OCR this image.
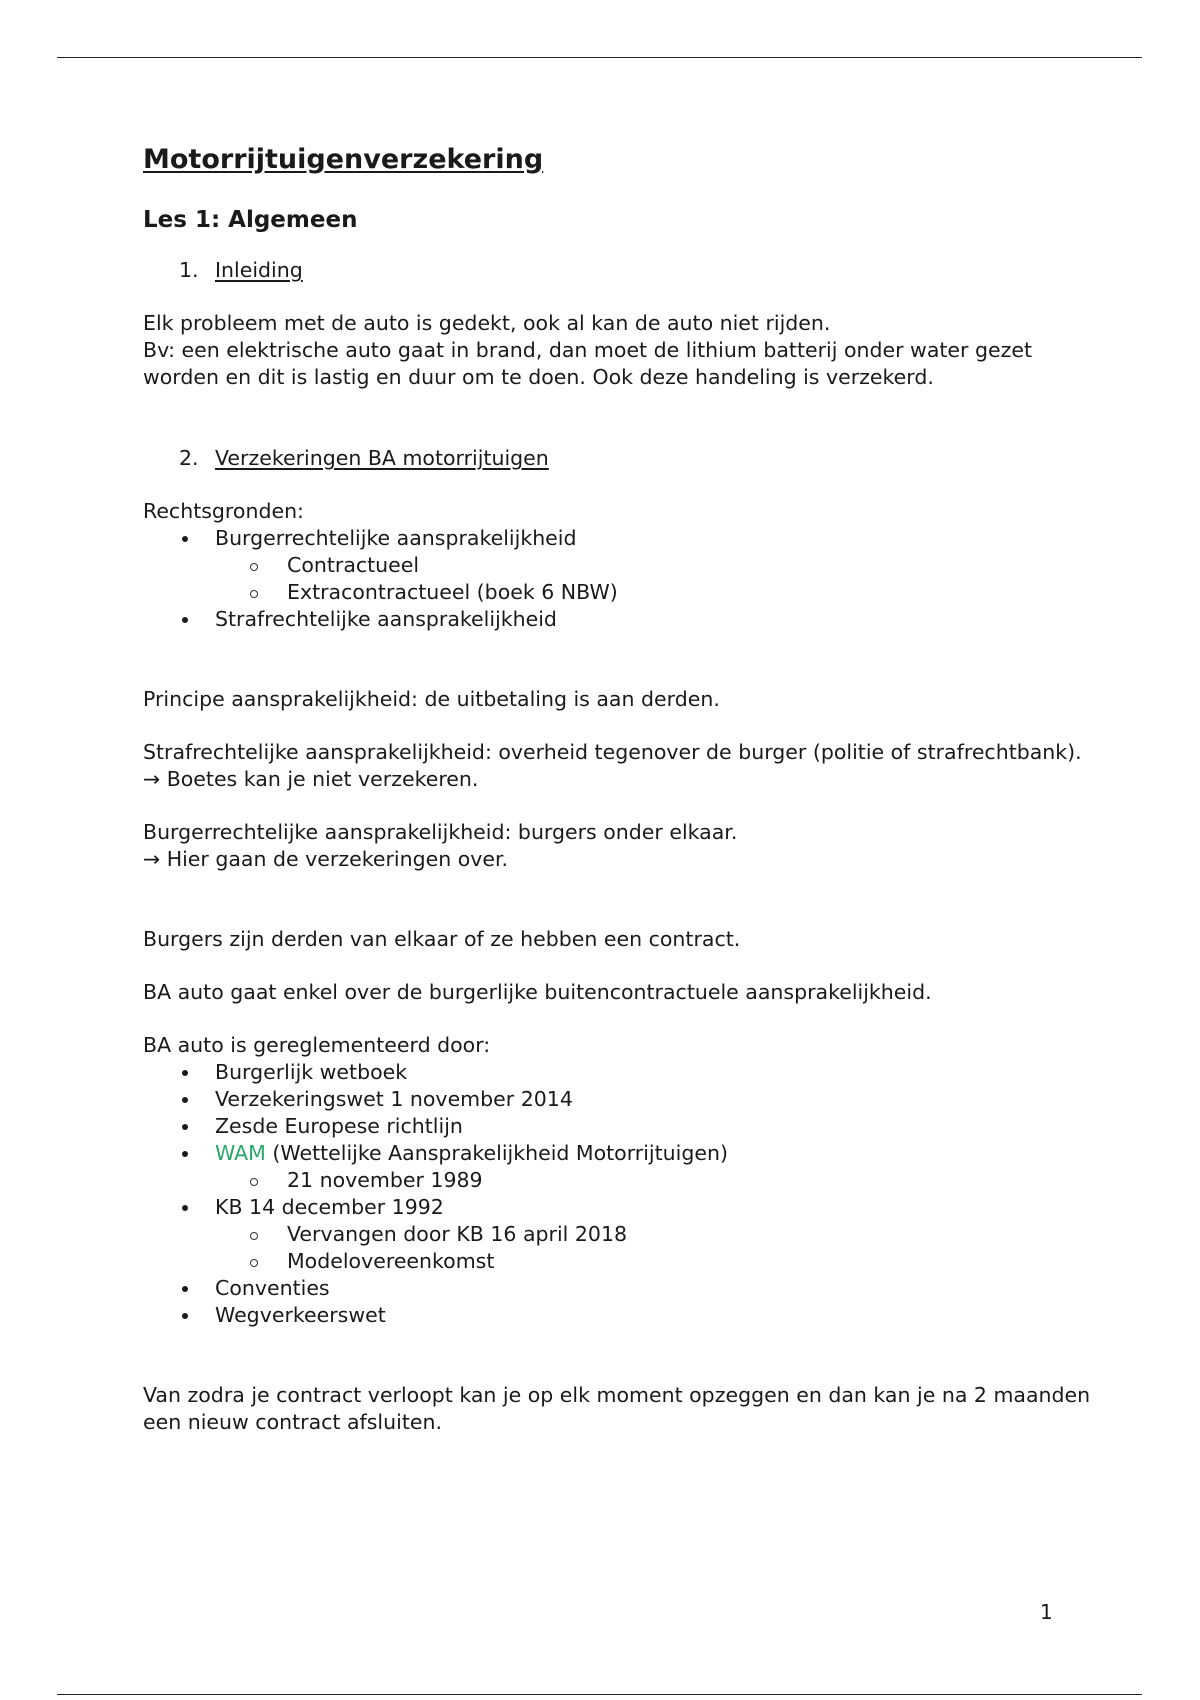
Motorrijtuigenverzekering
Les 1: Algemeen
1. Inleiding

Elk probleem met de auto is gedekt, ook al kan de auto niet rijden.

Bv: een elektrische auto gaat in brand, dan moet de lithium batterij onder water gezet worden en dit is lastig en duur om te doen. Ook deze handeling is verzekerd.

2. Verzekeringen BA motorrijtuigen

Rechtsgronden:

Burgerrechtelijke aansprakelijkheid
Contractueel
Extracontractueel (boek 6 NBW)
Strafrechtelijke aansprakelijkheid

Principe aansprakelijkheid: de uitbetaling is aan derden.

Strafrechtelijke aansprakelijkheid: overheid tegenover de burger (politie of strafrechtbank).

→ Boetes kan je niet verzekeren.

Burgerrechtelijke aansprakelijkheid: burgers onder elkaar.

→ Hier gaan de verzekeringen over.

Burgers zijn derden van elkaar of ze hebben een contract.

BA auto gaat enkel over de burgerlijke buitencontractuele aansprakelijkheid.

BA auto is gereglementeerd door:

Burgerlijk wetboek
Verzekeringswet 1 november 2014
Zesde Europese richtlijn
WAM (Wettelijke Aansprakelijkheid Motorrijtuigen)
21 november 1989
KB 14 december 1992
Vervangen door KB 16 april 2018
Modelovereenkomst
Conventies
Wegverkeerswet

Van zodra je contract verloopt kan je op elk moment opzeggen en dan kan je na 2 maanden een nieuw contract afsluiten.

1
